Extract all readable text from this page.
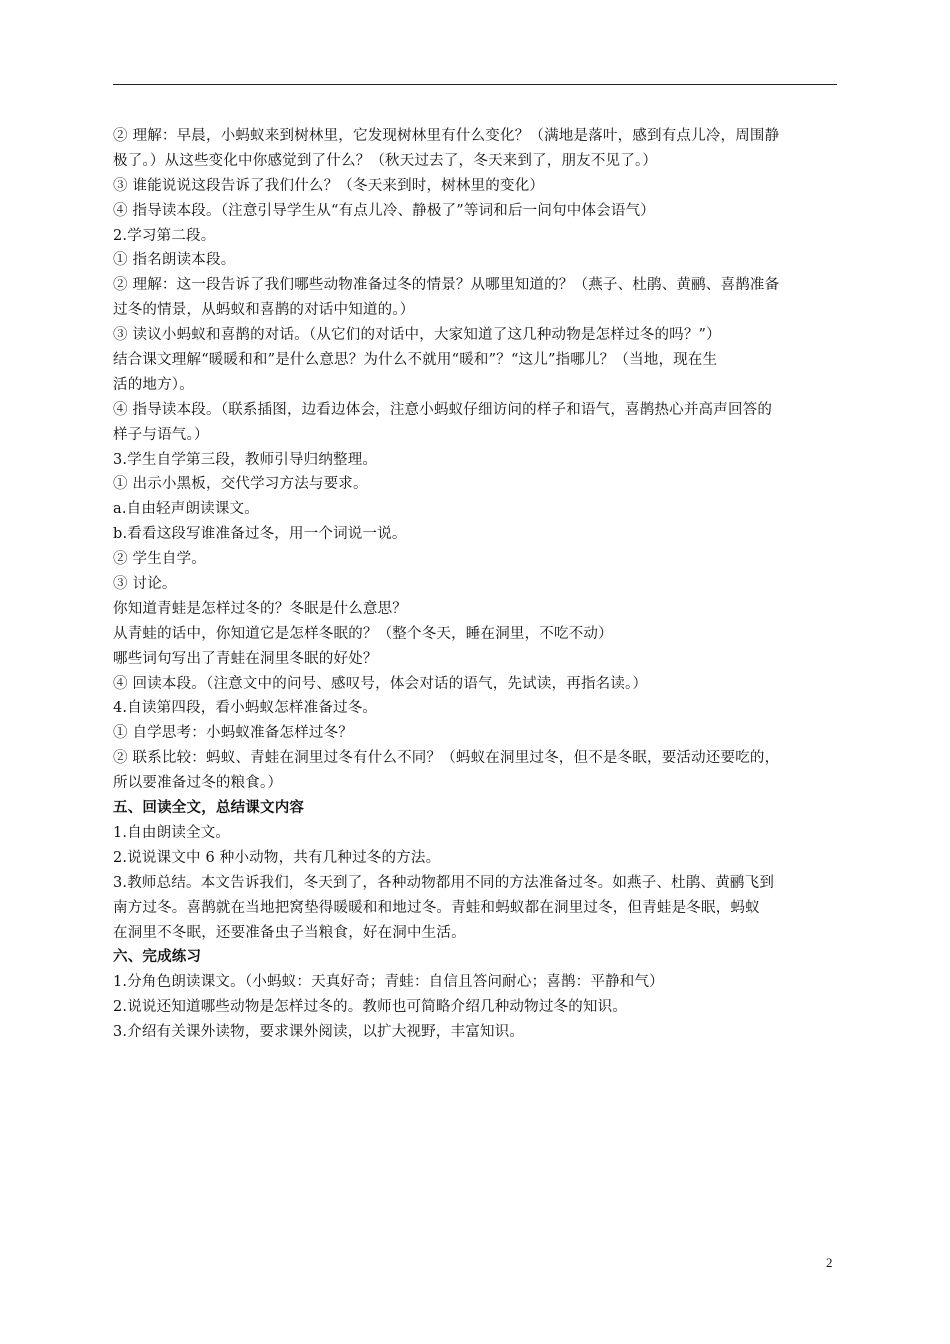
② 理解：早晨，小蚂蚁来到树林里，它发现树林里有什么变化？（满地是落叶，感到有点儿冷，周围静
极了。）从这些变化中你感觉到了什么？（秋天过去了，冬天来到了，朋友不见了。）
③ 谁能说说这段告诉了我们什么？（冬天来到时，树林里的变化）
④ 指导读本段。（注意引导学生从“有点儿冷、静极了”等词和后一问句中体会语气）
2.学习第二段。
① 指名朗读本段。
② 理解：这一段告诉了我们哪些动物准备过冬的情景？从哪里知道的？（燕子、杜鹃、黄鹂、喜鹊准备
过冬的情景，从蚂蚁和喜鹊的对话中知道的。）
③ 读议小蚂蚁和喜鹊的对话。（从它们的对话中，大家知道了这几种动物是怎样过冬的吗？”）
结合课文理解“暖暖和和”是什么意思？为什么不就用“暖和”？“这儿”指哪儿？（当地，现在生
活的地方）。
④ 指导读本段。（联系插图，边看边体会，注意小蚂蚁仔细访问的样子和语气，喜鹊热心并高声回答的
样子与语气。）
3.学生自学第三段，教师引导归纳整理。
① 出示小黑板，交代学习方法与要求。
a.自由轻声朗读课文。
b.看看这段写谁准备过冬，用一个词说一说。
② 学生自学。
③ 讨论。
你知道青蛙是怎样过冬的？冬眠是什么意思？
从青蛙的话中，你知道它是怎样冬眠的？（整个冬天，睡在洞里，不吃不动）
哪些词句写出了青蛙在洞里冬眠的好处？
④ 回读本段。（注意文中的问号、感叹号，体会对话的语气，先试读，再指名读。）
4.自读第四段，看小蚂蚁怎样准备过冬。
① 自学思考：小蚂蚁准备怎样过冬？
② 联系比较：蚂蚁、青蛙在洞里过冬有什么不同？（蚂蚁在洞里过冬，但不是冬眠，要活动还要吃的，
所以要准备过冬的粮食。）
五、回读全文，总结课文内容
1.自由朗读全文。
2.说说课文中 6 种小动物，共有几种过冬的方法。
3.教师总结。本文告诉我们，冬天到了，各种动物都用不同的方法准备过冬。如燕子、杜鹃、黄鹂飞到
南方过冬。喜鹊就在当地把窝垫得暖暖和和地过冬。青蛙和蚂蚁都在洞里过冬，但青蛙是冬眠，蚂蚁
在洞里不冬眠，还要准备虫子当粮食，好在洞中生活。
六、完成练习
1.分角色朗读课文。（小蚂蚁：天真好奇；青蛙：自信且答问耐心；喜鹊：平静和气）
2.说说还知道哪些动物是怎样过冬的。教师也可简略介绍几种动物过冬的知识。
3.介绍有关课外读物，要求课外阅读，以扩大视野，丰富知识。
2
